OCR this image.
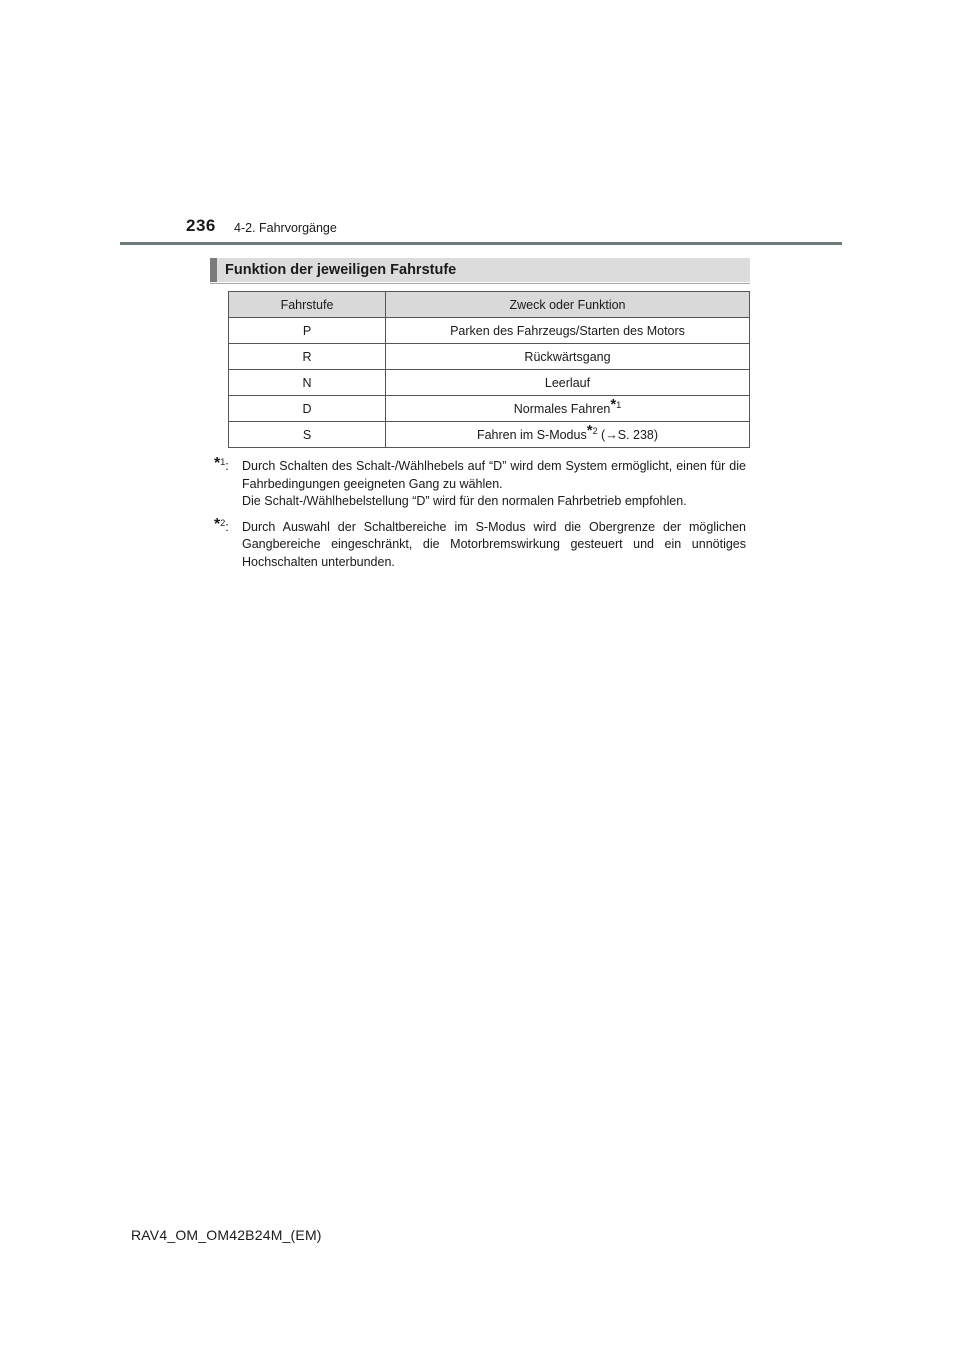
236 4-2. Fahrvorgänge
Funktion der jeweiligen Fahrstufe
Fahrstufe	Zweck oder Funktion
P	Parken des Fahrzeugs/Starten des Motors
R	Rückwärtsgang
N	Leerlauf
D	Normales Fahren*$^1$
S	Fahren im S-Modus*$^2$ (→S. 238)
*$^1$:	Durch Schalten des Schalt-/Wählhebels auf “D” wird dem System ermöglicht, einen für die Fahrbedingungen geeigneten Gang zu wählen.

Die Schalt-/Wählhebelstellung “D” wird für den normalen Fahrbetrieb empfohlen.

*$^2$:	Durch Auswahl der Schaltbereiche im S-Modus wird die Obergrenze der möglichen Gangbereiche eingeschränkt, die Motorbremswirkung gesteuert und ein unnötiges Hochschalten unterbunden.

RAV4_OM_OM42B24M_(EM)
